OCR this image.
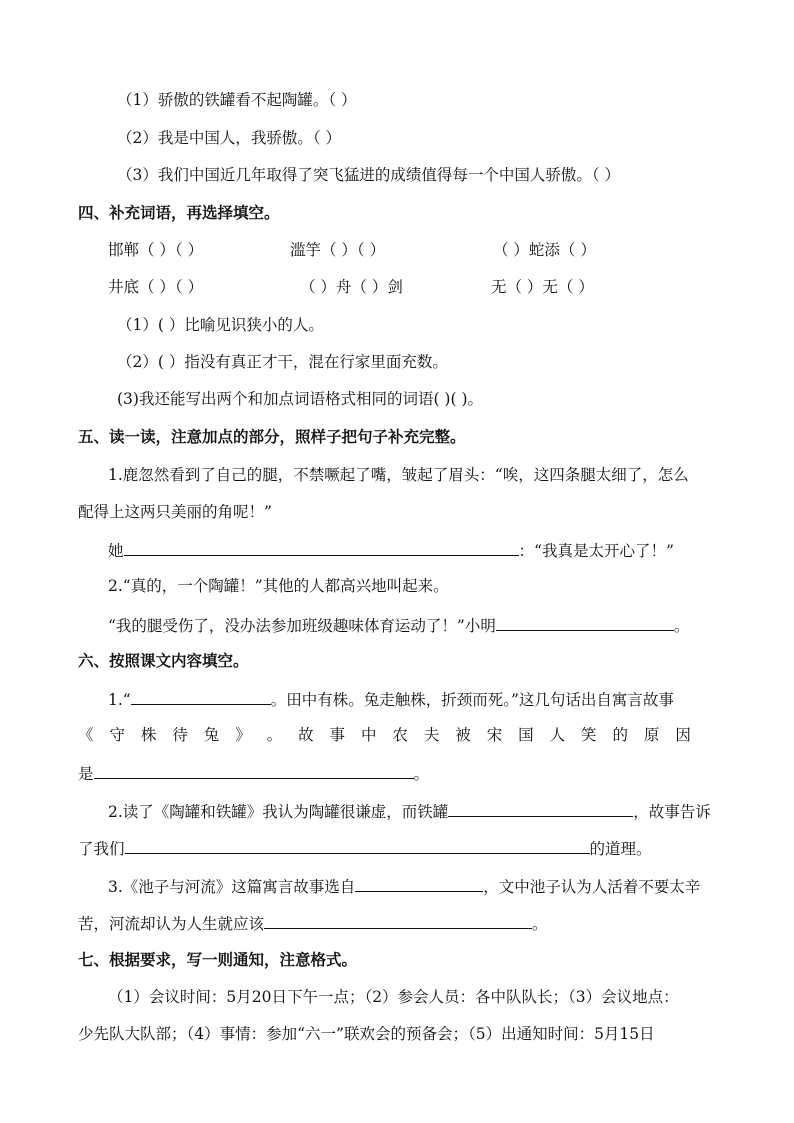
（1）骄傲的铁罐看不起陶罐。（ ）
（2）我是中国人，我骄傲。（ ）
（3）我们中国近几年取得了突飞猛进的成绩值得每一个中国人骄傲。（ ）
四、补充词语，再选择填空。
邯郸（ ）（ ）	滥竽（ ）（ ）	（ ）蛇添（ ）
井底（ ）（ ）	（ ）舟（ ）剑	无（ ）无（ ）
（1）( ）比喻见识狭小的人。
（2）( ）指没有真正才干，混在行家里面充数。
(3)我还能写出两个和加点词语格式相同的词语( )( )。
五、读一读，注意加点的部分，照样子把句子补充完整。
1.鹿忽然看到了自己的腿，不禁噘起了嘴，皱起了眉头：“唉，这四条腿太细了，怎么
配得上这两只美丽的角呢！”
她	：“我真是太开心了！”
2.“真的，一个陶罐！”其他的人都高兴地叫起来。
“我的腿受伤了，没办法参加班级趣味体育运动了！”小明	。
六、按照课文内容填空。
1.“	。田中有株。兔走触株，折颈而死。”这几句话出自寓言故事
《 守 株 待 兔 》 。 故 事 中 农 夫 被 宋 国 人 笑 的 原 因
是	。
2.读了《陶罐和铁罐》我认为陶罐很谦虚，而铁罐	，故事告诉
了我们	的道理。
3.《池子与河流》这篇寓言故事选自	，文中池子认为人活着不要太辛
苦，河流却认为人生就应该	。
七、根据要求，写一则通知，注意格式。
（1）会议时间：5月20日下午一点；（2）参会人员：各中队队长；（3）会议地点：
少先队大队部；（4）事情：参加“六一”联欢会的预备会；（5）出通知时间：5月15日
